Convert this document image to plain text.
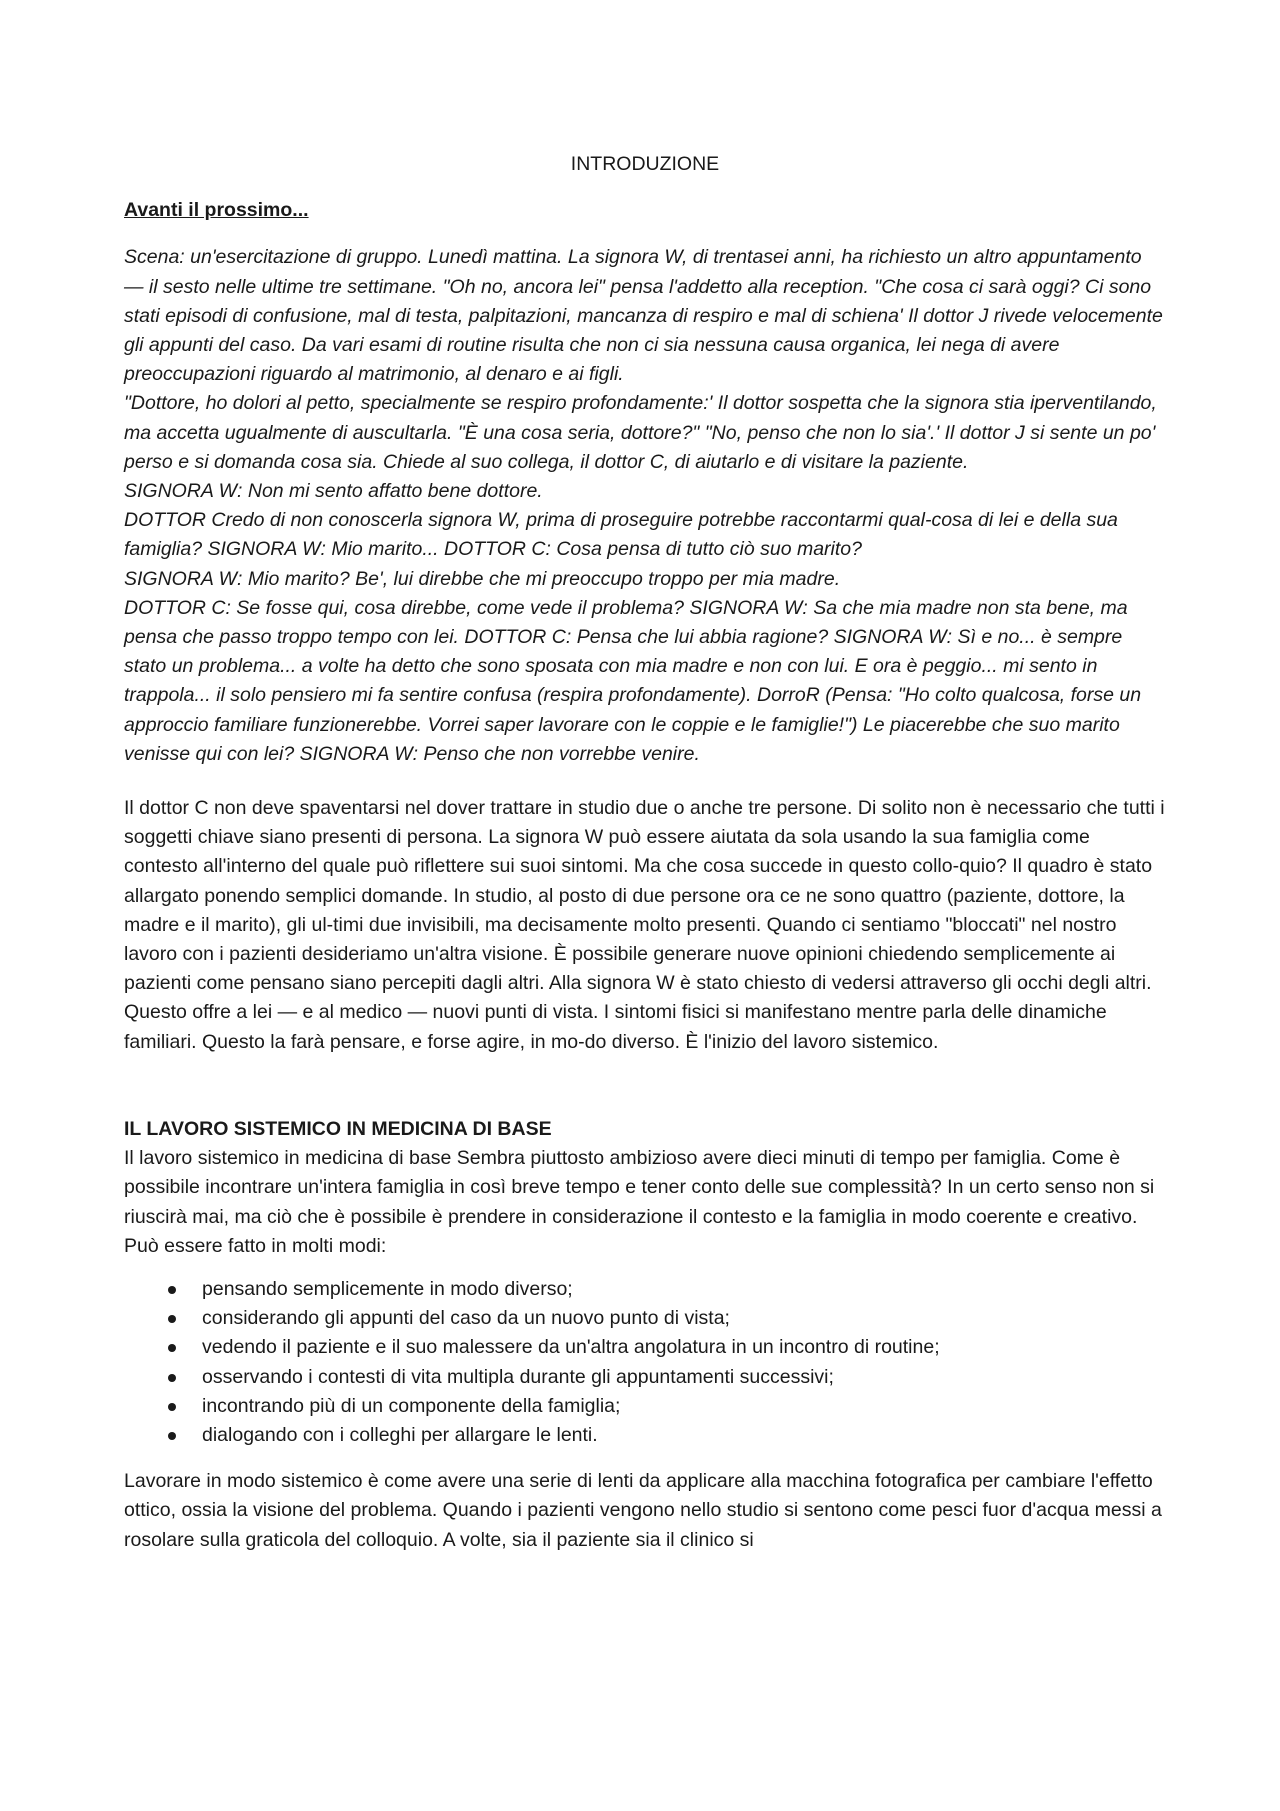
INTRODUZIONE
Avanti il prossimo...

Scena: un'esercitazione di gruppo. Lunedì mattina. La signora W, di trentasei anni, ha richiesto un altro appuntamento — il sesto nelle ultime tre settimane. "Oh no, ancora lei" pensa l'addetto alla reception. "Che cosa ci sarà oggi? Ci sono stati episodi di confusione, mal di testa, palpitazioni, mancanza di respiro e mal di schiena' Il dottor J rivede velocemente gli appunti del caso. Da vari esami di routine risulta che non ci sia nessuna causa organica, lei nega di avere preoccupazioni riguardo al matrimonio, al denaro e ai figli.

"Dottore, ho dolori al petto, specialmente se respiro profondamente:' Il dottor sospetta che la signora stia iperventilando, ma accetta ugualmente di auscultarla. "È una cosa seria, dottore?" "No, penso che non lo sia'.' Il dottor J si sente un po' perso e si domanda cosa sia. Chiede al suo collega, il dottor C, di aiutarlo e di visitare la paziente.

SIGNORA W: Non mi sento affatto bene dottore.

DOTTOR Credo di non conoscerla signora W, prima di proseguire potrebbe raccontarmi qual-cosa di lei e della sua famiglia? SIGNORA W: Mio marito... DOTTOR C: Cosa pensa di tutto ciò suo marito?

SIGNORA W: Mio marito? Be', lui direbbe che mi preoccupo troppo per mia madre.

DOTTOR C: Se fosse qui, cosa direbbe, come vede il problema? SIGNORA W: Sa che mia madre non sta bene, ma pensa che passo troppo tempo con lei. DOTTOR C: Pensa che lui abbia ragione? SIGNORA W: Sì e no... è sempre stato un problema... a volte ha detto che sono sposata con mia madre e non con lui. E ora è peggio... mi sento in trappola... il solo pensiero mi fa sentire confusa (respira profondamente). DorroR (Pensa: "Ho colto qualcosa, forse un approccio familiare funzionerebbe. Vorrei saper lavorare con le coppie e le famiglie!") Le piacerebbe che suo marito venisse qui con lei? SIGNORA W: Penso che non vorrebbe venire.

Il dottor C non deve spaventarsi nel dover trattare in studio due o anche tre persone. Di solito non è necessario che tutti i soggetti chiave siano presenti di persona. La signora W può essere aiutata da sola usando la sua famiglia come contesto all'interno del quale può riflettere sui suoi sintomi. Ma che cosa succede in questo collo-quio? Il quadro è stato allargato ponendo semplici domande. In studio, al posto di due persone ora ce ne sono quattro (paziente, dottore, la madre e il marito), gli ul-timi due invisibili, ma decisamente molto presenti. Quando ci sentiamo "bloccati" nel nostro lavoro con i pazienti desideriamo un'altra visione. È possibile generare nuove opinioni chiedendo semplicemente ai pazienti come pensano siano percepiti dagli altri. Alla signora W è stato chiesto di vedersi attraverso gli occhi degli altri. Questo offre a lei — e al medico — nuovi punti di vista. I sintomi fisici si manifestano mentre parla delle dinamiche familiari. Questo la farà pensare, e forse agire, in mo-do diverso. È l'inizio del lavoro sistemico.

IL LAVORO SISTEMICO IN MEDICINA DI BASE

Il lavoro sistemico in medicina di base Sembra piuttosto ambizioso avere dieci minuti di tempo per famiglia. Come è possibile incontrare un'intera famiglia in così breve tempo e tener conto delle sue complessità? In un certo senso non si riuscirà mai, ma ciò che è possibile è prendere in considerazione il contesto e la famiglia in modo coerente e creativo. Può essere fatto in molti modi:

pensando semplicemente in modo diverso;
considerando gli appunti del caso da un nuovo punto di vista;
vedendo il paziente e il suo malessere da un'altra angolatura in un incontro di routine;
osservando i contesti di vita multipla durante gli appuntamenti successivi;
incontrando più di un componente della famiglia;
dialogando con i colleghi per allargare le lenti.

Lavorare in modo sistemico è come avere una serie di lenti da applicare alla macchina fotografica per cambiare l'effetto ottico, ossia la visione del problema. Quando i pazienti vengono nello studio si sentono come pesci fuor d'acqua messi a rosolare sulla graticola del colloquio. A volte, sia il paziente sia il clinico si
